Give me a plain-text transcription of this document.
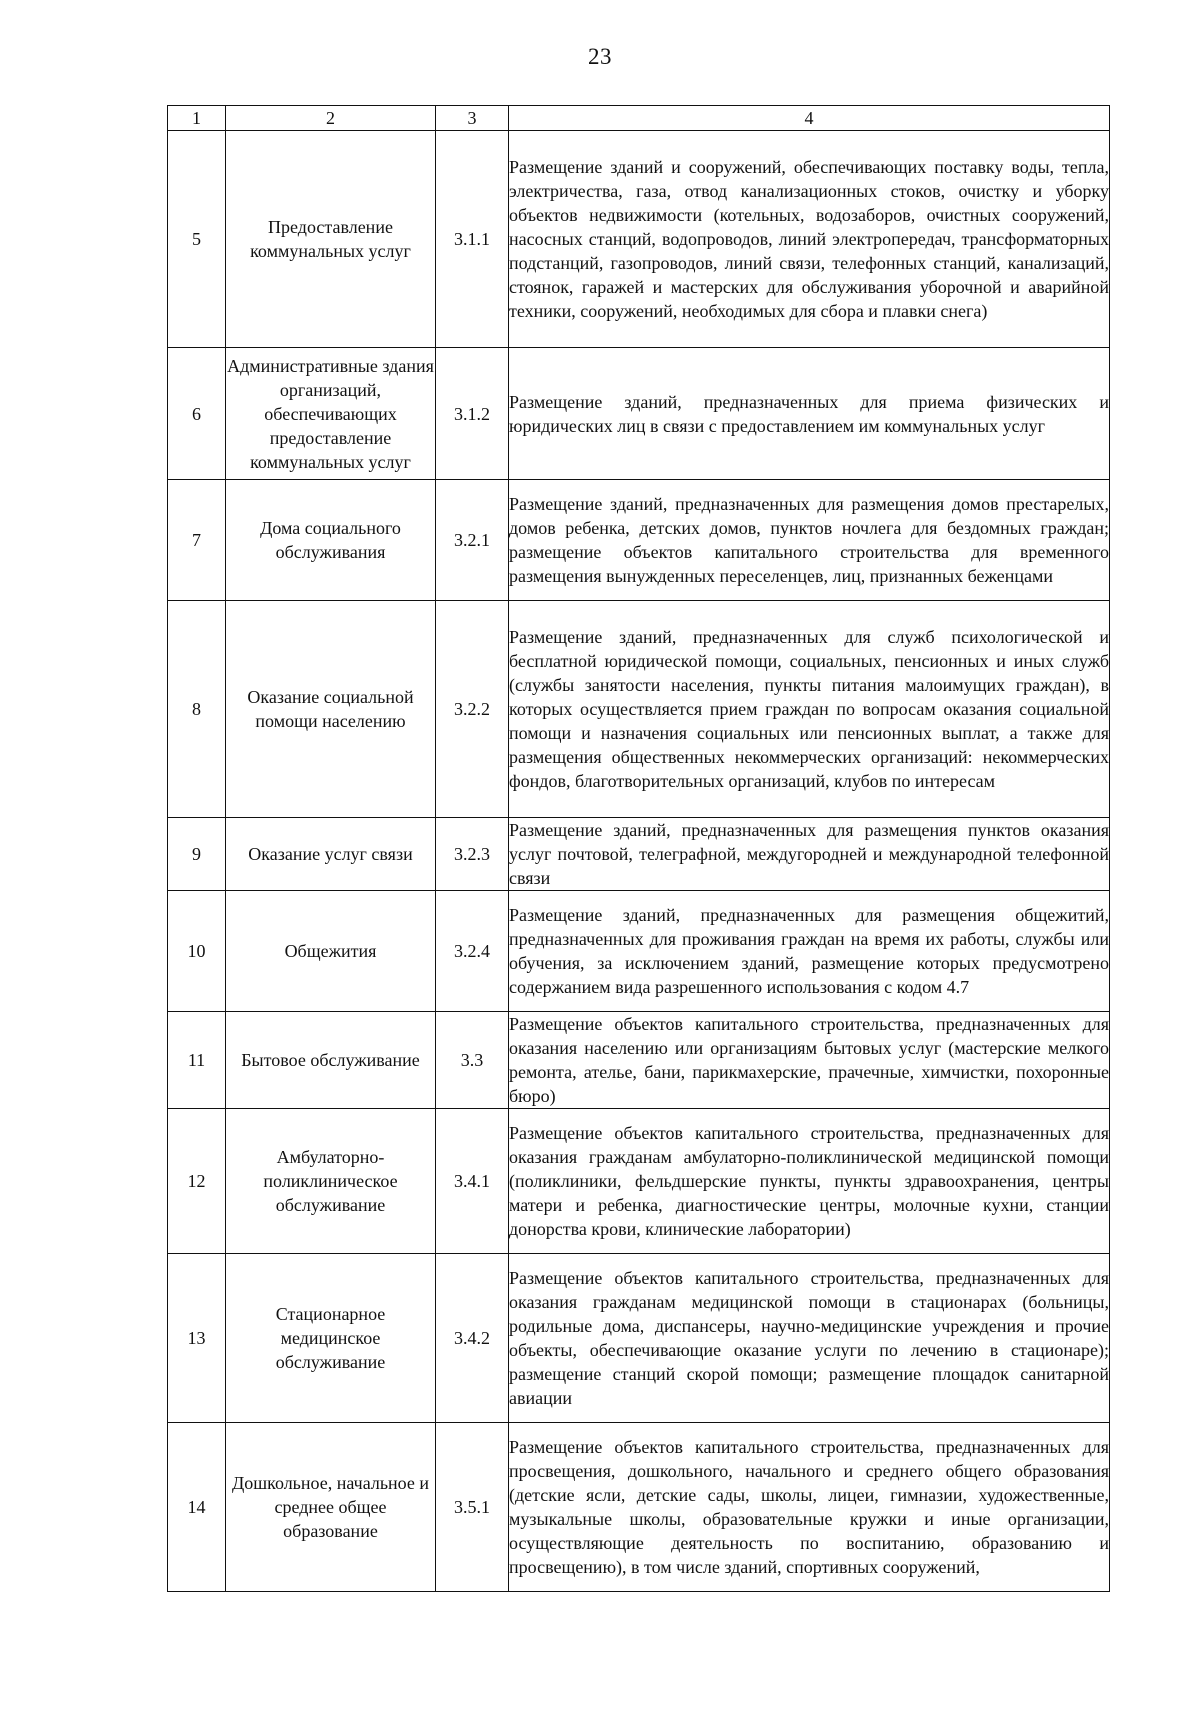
23
1	2	3	4
5	Предоставление коммунальных услуг	3.1.1	Размещение зданий и сооружений, обеспечивающих поставку воды, тепла, электричества, газа, отвод канализационных стоков, очистку и уборку объектов недвижимости (котельных, водозаборов, очистных сооружений, насосных станций, водопроводов, линий электропередач, трансформаторных подстанций, газопроводов, линий связи, телефонных станций, канализаций, стоянок, гаражей и мастерских для обслуживания уборочной и аварийной техники, сооружений, необходимых для сбора и плавки снега)
6	Административные здания организаций, обеспечивающих предоставление коммунальных услуг	3.1.2	Размещение зданий, предназначенных для приема физических и юридических лиц в связи с предоставлением им коммунальных услуг
7	Дома социального обслуживания	3.2.1	Размещение зданий, предназначенных для размещения домов престарелых, домов ребенка, детских домов, пунктов ночлега для бездомных граждан; размещение объектов капитального строительства для временного размещения вынужденных переселенцев, лиц, признанных беженцами
8	Оказание социальной помощи населению	3.2.2	Размещение зданий, предназначенных для служб психологической и бесплатной юридической помощи, социальных, пенсионных и иных служб (службы занятости населения, пункты питания малоимущих граждан), в которых осуществляется прием граждан по вопросам оказания социальной помощи и назначения социальных или пенсионных выплат, а также для размещения общественных некоммерческих организаций: некоммерческих фондов, благотворительных организаций, клубов по интересам
9	Оказание услуг связи	3.2.3	Размещение зданий, предназначенных для размещения пунктов оказания услуг почтовой, телеграфной, междугородней и международной телефонной связи
10	Общежития	3.2.4	Размещение зданий, предназначенных для размещения общежитий, предназначенных для проживания граждан на время их работы, службы или обучения, за исключением зданий, размещение которых предусмотрено содержанием вида разрешенного использования с кодом 4.7
11	Бытовое обслуживание	3.3	Размещение объектов капитального строительства, предназначенных для оказания населению или организациям бытовых услуг (мастерские мелкого ремонта, ателье, бани, парикмахерские, прачечные, химчистки, похоронные бюро)
12	Амбулаторно-поликлиническое обслуживание	3.4.1	Размещение объектов капитального строительства, предназначенных для оказания гражданам амбулаторно-поликлинической медицинской помощи (поликлиники, фельдшерские пункты, пункты здравоохранения, центры матери и ребенка, диагностические центры, молочные кухни, станции донорства крови, клинические лаборатории)
13	Стационарное медицинское обслуживание	3.4.2	Размещение объектов капитального строительства, предназначенных для оказания гражданам медицинской помощи в стационарах (больницы, родильные дома, диспансеры, научно-медицинские учреждения и прочие объекты, обеспечивающие оказание услуги по лечению в стационаре); размещение станций скорой помощи; размещение площадок санитарной авиации
14	Дошкольное, начальное и среднее общее образование	3.5.1	Размещение объектов капитального строительства, предназначенных для просвещения, дошкольного, начального и среднего общего образования (детские ясли, детские сады, школы, лицеи, гимназии, художественные, музыкальные школы, образовательные кружки и иные организации, осуществляющие деятельность по воспитанию, образованию и просвещению), в том числе зданий, спортивных сооружений,
